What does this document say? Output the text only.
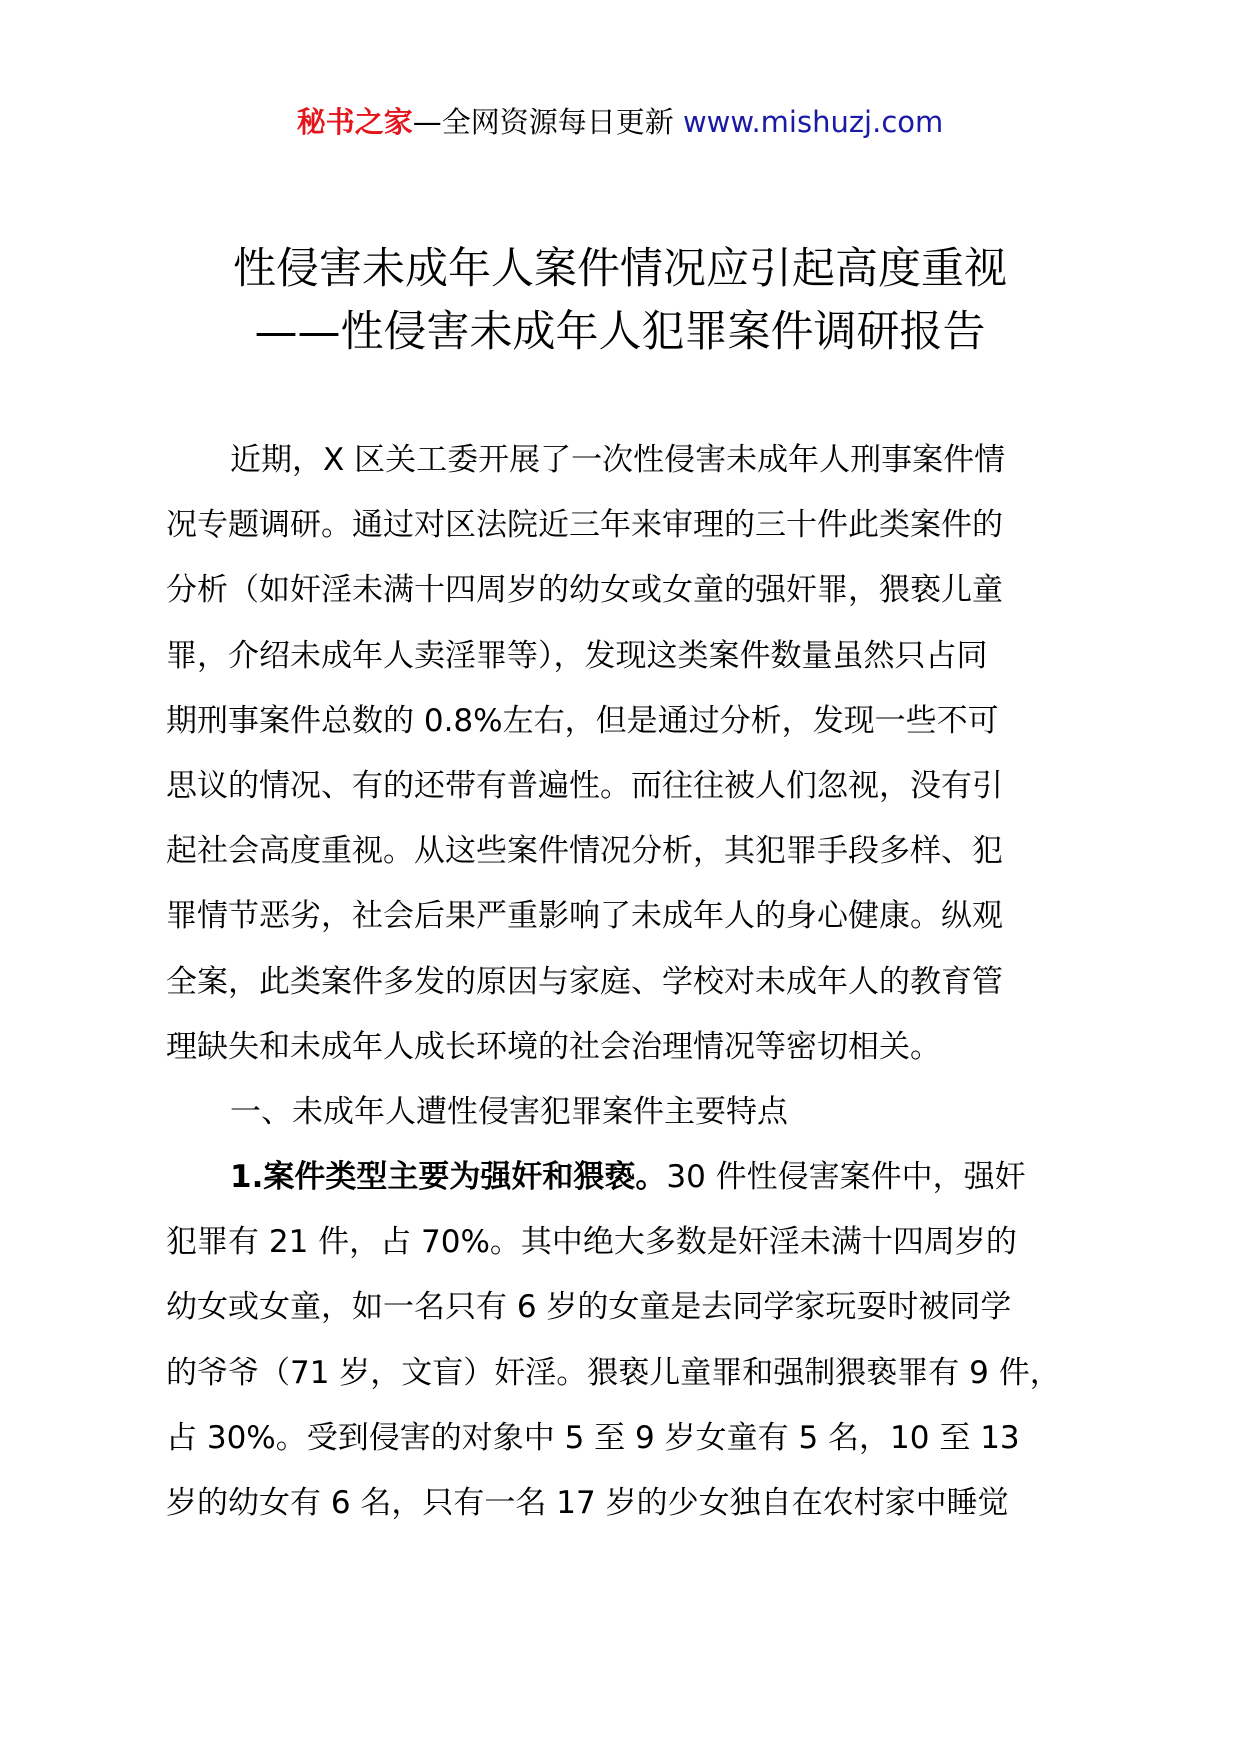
秘书之家—全网资源每日更新 www.mishuzj.com
性侵害未成年人案件情况应引起高度重视
——性侵害未成年人犯罪案件调研报告
近期，X 区关工委开展了一次性侵害未成年人刑事案件情
况专题调研。通过对区法院近三年来审理的三十件此类案件的
分析（如奸淫未满十四周岁的幼女或女童的强奸罪，猥亵儿童
罪，介绍未成年人卖淫罪等），发现这类案件数量虽然只占同
期刑事案件总数的 0.8%左右，但是通过分析，发现一些不可
思议的情况、有的还带有普遍性。而往往被人们忽视，没有引
起社会高度重视。从这些案件情况分析，其犯罪手段多样、犯
罪情节恶劣，社会后果严重影响了未成年人的身心健康。纵观
全案，此类案件多发的原因与家庭、学校对未成年人的教育管
理缺失和未成年人成长环境的社会治理情况等密切相关。
一、未成年人遭性侵害犯罪案件主要特点
1.案件类型主要为强奸和猥亵。30 件性侵害案件中，强奸
犯罪有 21 件，占 70%。其中绝大多数是奸淫未满十四周岁的
幼女或女童，如一名只有 6 岁的女童是去同学家玩耍时被同学
的爷爷（71 岁，文盲）奸淫。猥亵儿童罪和强制猥亵罪有 9 件，
占 30%。受到侵害的对象中 5 至 9 岁女童有 5 名，10 至 13
岁的幼女有 6 名，只有一名 17 岁的少女独自在农村家中睡觉
